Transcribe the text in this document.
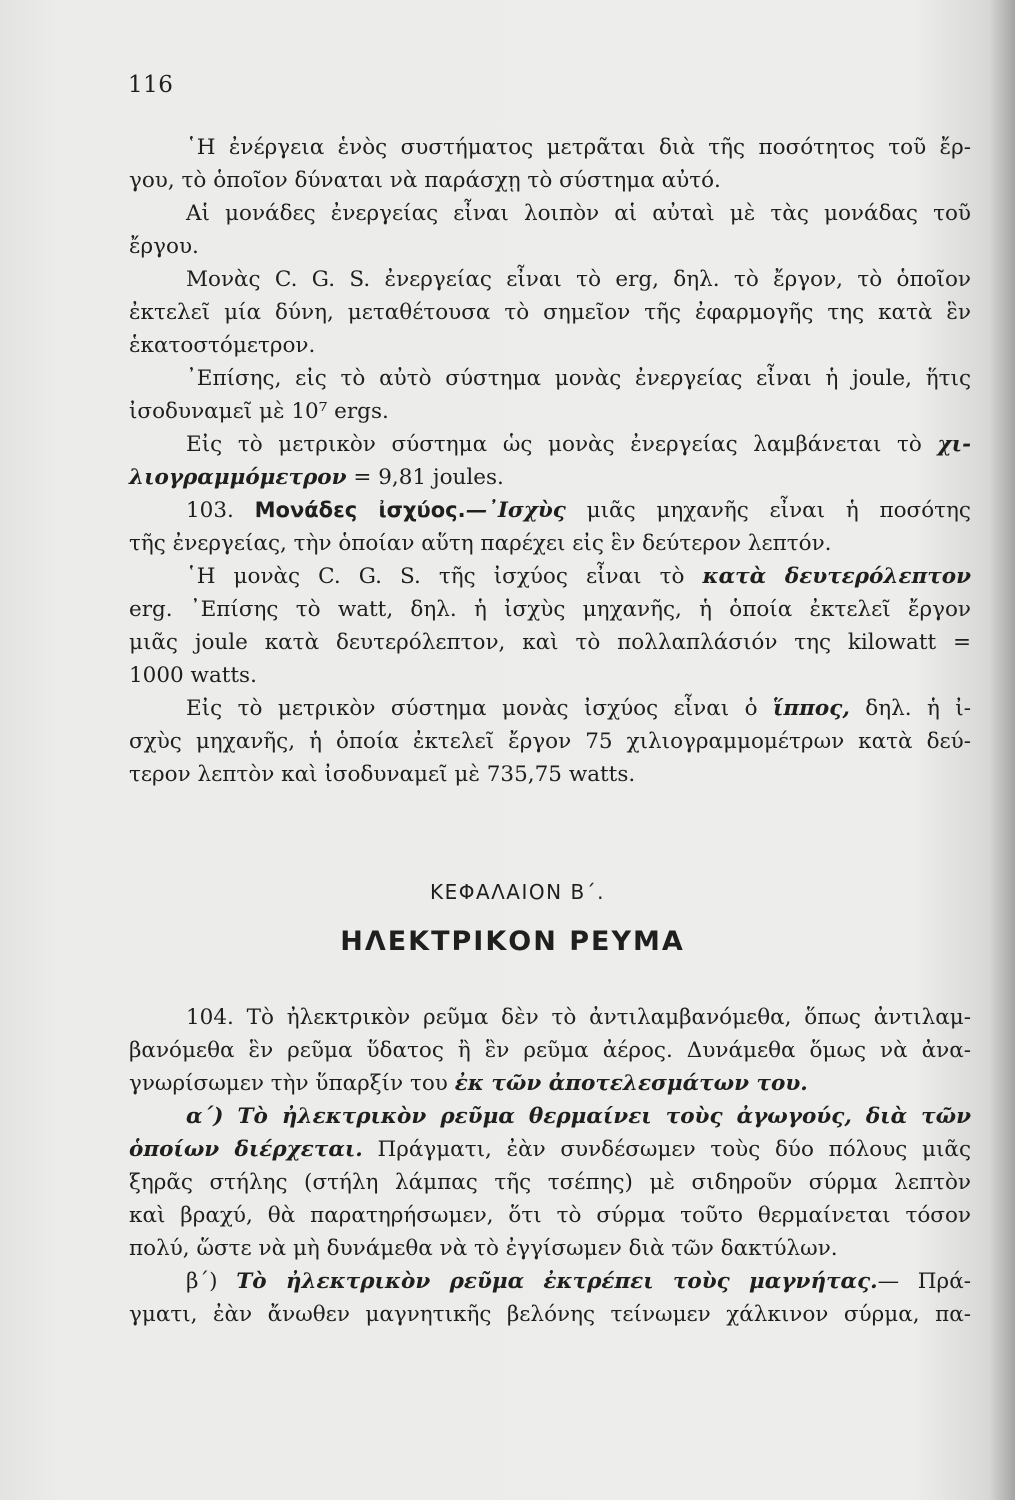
116
῾Η ἐνέργεια ἑνὸς συστήματος μετρᾶται διὰ τῆς ποσότητος τοῦ ἔρ-
γου, τὸ ὁποῖον δύναται νὰ παράσχῃ τὸ σύστημα αὐτό.
Αἱ μονάδες ἐνεργείας εἶναι λοιπὸν αἱ αὐταὶ μὲ τὰς μονάδας τοῦ
ἔργου.
Μονὰς C. G. S. ἐνεργείας εἶναι τὸ erg, δηλ. τὸ ἔργον, τὸ ὁποῖον
ἐκτελεῖ μία δύνη, μεταθέτουσα τὸ σημεῖον τῆς ἐφαρμογῆς της κατὰ ἓν
ἑκατοστόμετρον.
᾿Επίσης, εἰς τὸ αὐτὸ σύστημα μονὰς ἐνεργείας εἶναι ἡ joule, ἥτις
ἰσοδυναμεῖ μὲ 10⁷ ergs.
Εἰς τὸ μετρικὸν σύστημα ὡς μονὰς ἐνεργείας λαμβάνεται τὸ χι-
λιογραμμόμετρον = 9,81 joules.
103. Μονάδες ἰσχύος.—᾿Ισχὺς μιᾶς μηχανῆς εἶναι ἡ ποσότης
τῆς ἐνεργείας, τὴν ὁποίαν αὕτη παρέχει εἰς ἓν δεύτερον λεπτόν.
῾Η μονὰς C. G. S. τῆς ἰσχύος εἶναι τὸ κατὰ δευτερόλεπτον
erg. ᾿Επίσης τὸ watt, δηλ. ἡ ἰσχὺς μηχανῆς, ἡ ὁποία ἐκτελεῖ ἔργον
μιᾶς joule κατὰ δευτερόλεπτον, καὶ τὸ πολλαπλάσιόν της kilowatt =
1000 watts.
Εἰς τὸ μετρικὸν σύστημα μονὰς ἰσχύος εἶναι ὁ ἵππος, δηλ. ἡ ἰ-
σχὺς μηχανῆς, ἡ ὁποία ἐκτελεῖ ἔργον 75 χιλιογραμμομέτρων κατὰ δεύ-
τερον λεπτὸν καὶ ἰσοδυναμεῖ μὲ 735,75 watts.
ΚΕΦΑΛΑΙΟΝ Β΄.
ΗΛΕΚΤΡΙΚΟΝ ΡΕΥΜΑ
104. Τὸ ἠλεκτρικὸν ρεῦμα δὲν τὸ ἀντιλαμβανόμεθα, ὅπως ἀντιλαμ-
βανόμεθα ἓν ρεῦμα ὕδατος ἢ ἓν ρεῦμα ἀέρος. Δυνάμεθα ὅμως νὰ ἀνα-
γνωρίσωμεν τὴν ὕπαρξίν του ἐκ τῶν ἀποτελεσμάτων του.
α΄) Τὸ ἠλεκτρικὸν ρεῦμα θερμαίνει τοὺς ἀγωγούς, διὰ τῶν
ὁποίων διέρχεται. Πράγματι, ἐὰν συνδέσωμεν τοὺς δύο πόλους μιᾶς
ξηρᾶς στήλης (στήλη λάμπας τῆς τσέπης) μὲ σιδηροῦν σύρμα λεπτὸν
καὶ βραχύ, θὰ παρατηρήσωμεν, ὅτι τὸ σύρμα τοῦτο θερμαίνεται τόσον
πολύ, ὥστε νὰ μὴ δυνάμεθα νὰ τὸ ἐγγίσωμεν διὰ τῶν δακτύλων.
β΄) Τὸ ἠλεκτρικὸν ρεῦμα ἐκτρέπει τοὺς μαγνήτας.— Πρά-
γματι, ἐὰν ἄνωθεν μαγνητικῆς βελόνης τείνωμεν χάλκινον σύρμα, πα-
